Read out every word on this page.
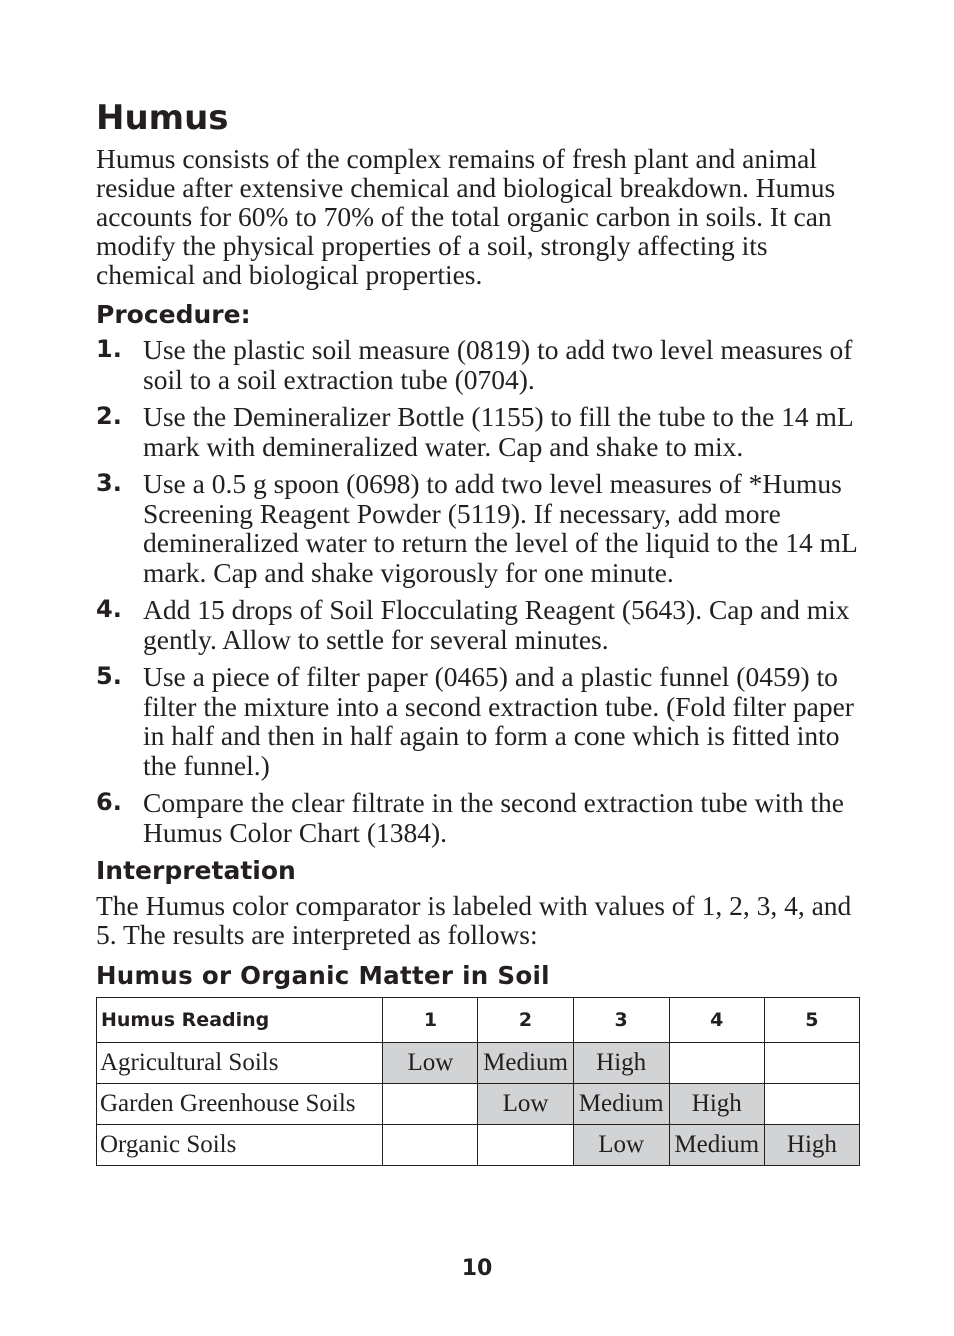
Humus

Humus consists of the complex remains of fresh plant and animal residue after extensive chemical and biological breakdown. Humus accounts for 60% to 70% of the total organic carbon in soils. It can modify the physical properties of a soil, strongly affecting its chemical and biological properties.

Procedure:
1. Use the plastic soil measure (0819) to add two level measures of soil to a soil extraction tube (0704).
2. Use the Demineralizer Bottle (1155) to fill the tube to the 14 mL mark with demineralized water. Cap and shake to mix.
3. Use a 0.5 g spoon (0698) to add two level measures of *Humus Screening Reagent Powder (5119). If necessary, add more demineralized water to return the level of the liquid to the 14 mL mark. Cap and shake vigorously for one minute.
4. Add 15 drops of Soil Flocculating Reagent (5643). Cap and mix gently. Allow to settle for several minutes.
5. Use a piece of filter paper (0465) and a plastic funnel (0459) to filter the mixture into a second extraction tube. (Fold filter paper in half and then in half again to form a cone which is fitted into the funnel.)
6. Compare the clear filtrate in the second extraction tube with the Humus Color Chart (1384).
Interpretation

The Humus color comparator is labeled with values of 1, 2, 3, 4, and 5. The results are interpreted as follows:

Humus or Organic Matter in Soil
Humus Reading	1	2	3	4	5
Agricultural Soils	Low	Medium	High		
Garden Greenhouse Soils		Low	Medium	High	
Organic Soils			Low	Medium	High
10
